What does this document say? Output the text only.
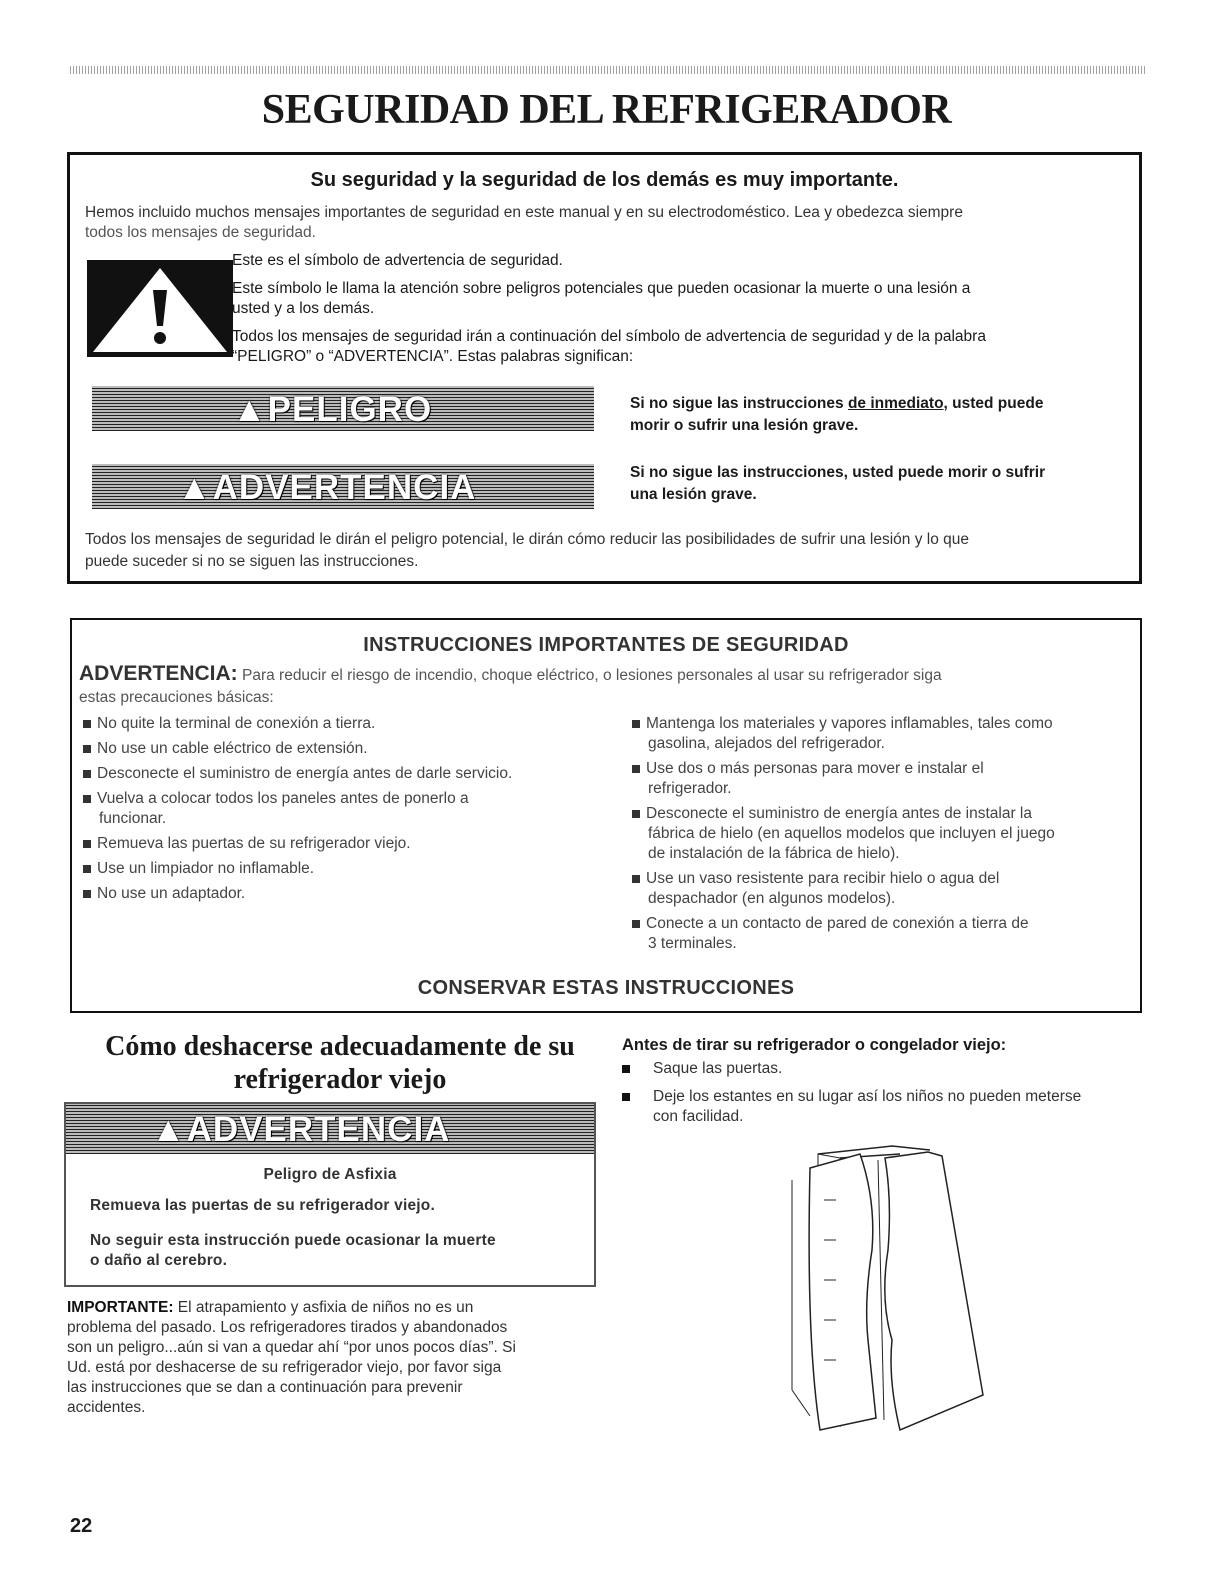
SEGURIDAD DEL REFRIGERADOR
Su seguridad y la seguridad de los demás es muy importante.

Hemos incluido muchos mensajes importantes de seguridad en este manual y en su electrodoméstico. Lea y obedezca siempre

todos los mensajes de seguridad.

Este es el símbolo de advertencia de seguridad.

Este símbolo le llama la atención sobre peligros potenciales que pueden ocasionar la muerte o una lesión a

usted y a los demás.

Todos los mensajes de seguridad irán a continuación del símbolo de advertencia de seguridad y de la palabra

“PELIGRO” o “ADVERTENCIA”. Estas palabras significan:

▲PELIGRO	Si no sigue las instrucciones de inmediato, usted puede

morir o sufrir una lesión grave.

▲ADVERTENCIA	Si no sigue las instrucciones, usted puede morir o sufrir

una lesión grave.

Todos los mensajes de seguridad le dirán el peligro potencial, le dirán cómo reducir las posibilidades de sufrir una lesión y lo que

puede suceder si no se siguen las instrucciones.

INSTRUCCIONES IMPORTANTES DE SEGURIDAD

ADVERTENCIA: Para reducir el riesgo de incendio, choque eléctrico, o lesiones personales al usar su refrigerador siga

estas precauciones básicas:

No quite la terminal de conexión a tierra.
No use un cable eléctrico de extensión.
Desconecte el suministro de energía antes de darle servicio.
Vuelva a colocar todos los paneles antes de ponerlo a
funcionar.
Remueva las puertas de su refrigerador viejo.
Use un limpiador no inflamable.
No use un adaptador.
Mantenga los materiales y vapores inflamables, tales como
gasolina, alejados del refrigerador.
Use dos o más personas para mover e instalar el
refrigerador.
Desconecte el suministro de energía antes de instalar la
fábrica de hielo (en aquellos modelos que incluyen el juego
de instalación de la fábrica de hielo).
Use un vaso resistente para recibir hielo o agua del
despachador (en algunos modelos).
Conecte a un contacto de pared de conexión a tierra de
3 terminales.

CONSERVAR ESTAS INSTRUCCIONES

Cómo deshacerse adecuadamente de su
refrigerador viejo
▲ADVERTENCIA
Peligro de Asfixia
Remueva las puertas de su refrigerador viejo.
No seguir esta instrucción puede ocasionar la muerte
o daño al cerebro.

IMPORTANTE: El atrapamiento y asfixia de niños no es un
problema del pasado. Los refrigeradores tirados y abandonados
son un peligro...aún si van a quedar ahí “por unos pocos días”. Si
Ud. está por deshacerse de su refrigerador viejo, por favor siga
las instrucciones que se dan a continuación para prevenir
accidentes.

Antes de tirar su refrigerador o congelador viejo:

Saque las puertas.
Deje los estantes en su lugar así los niños no pueden meterse
con facilidad.

22
